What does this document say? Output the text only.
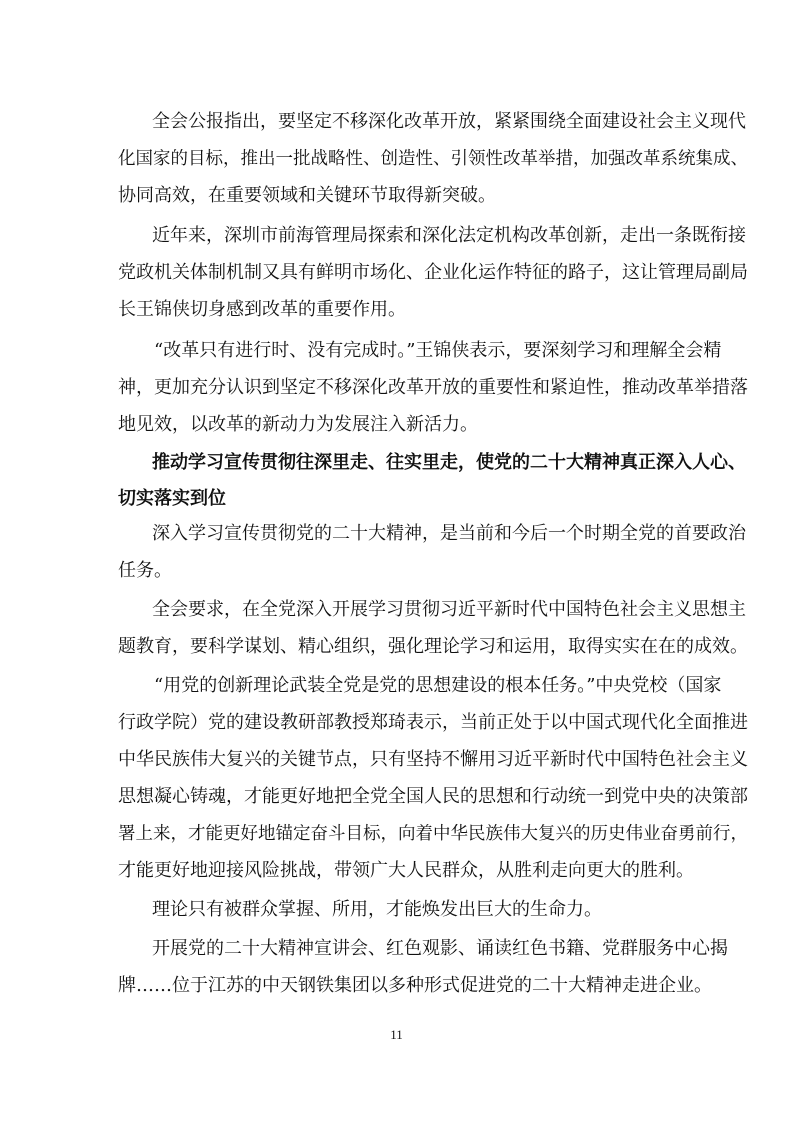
全会公报指出，要坚定不移深化改革开放，紧紧围绕全面建设社会主义现代
化国家的目标，推出一批战略性、创造性、引领性改革举措，加强改革系统集成、
协同高效，在重要领域和关键环节取得新突破。
近年来，深圳市前海管理局探索和深化法定机构改革创新，走出一条既衔接
党政机关体制机制又具有鲜明市场化、企业化运作特征的路子，这让管理局副局
长王锦侠切身感到改革的重要作用。
“改革只有进行时、没有完成时。”王锦侠表示，要深刻学习和理解全会精
神，更加充分认识到坚定不移深化改革开放的重要性和紧迫性，推动改革举措落
地见效，以改革的新动力为发展注入新活力。
推动学习宣传贯彻往深里走、往实里走，使党的二十大精神真正深入人心、
切实落实到位
深入学习宣传贯彻党的二十大精神，是当前和今后一个时期全党的首要政治
任务。
全会要求，在全党深入开展学习贯彻习近平新时代中国特色社会主义思想主
题教育，要科学谋划、精心组织，强化理论学习和运用，取得实实在在的成效。
“用党的创新理论武装全党是党的思想建设的根本任务。”中央党校（国家
行政学院）党的建设教研部教授郑琦表示，当前正处于以中国式现代化全面推进
中华民族伟大复兴的关键节点，只有坚持不懈用习近平新时代中国特色社会主义
思想凝心铸魂，才能更好地把全党全国人民的思想和行动统一到党中央的决策部
署上来，才能更好地锚定奋斗目标，向着中华民族伟大复兴的历史伟业奋勇前行，
才能更好地迎接风险挑战，带领广大人民群众，从胜利走向更大的胜利。
理论只有被群众掌握、所用，才能焕发出巨大的生命力。
开展党的二十大精神宣讲会、红色观影、诵读红色书籍、党群服务中心揭
牌……位于江苏的中天钢铁集团以多种形式促进党的二十大精神走进企业。
11
